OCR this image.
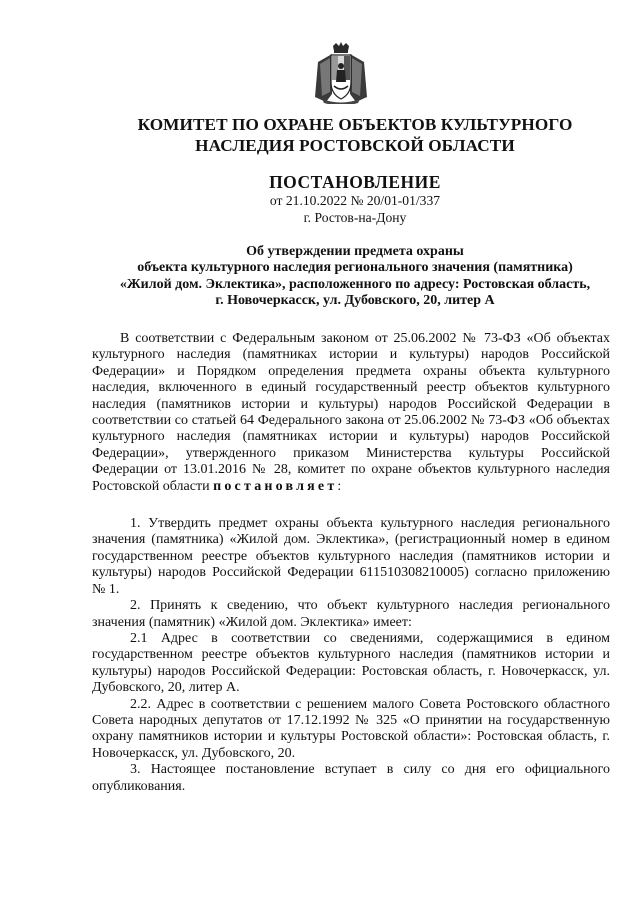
КОМИТЕТ ПО ОХРАНЕ ОБЪЕКТОВ КУЛЬТУРНОГО
НАСЛЕДИЯ РОСТОВСКОЙ ОБЛАСТИ
ПОСТАНОВЛЕНИЕ
от 21.10.2022 № 20/01-01/337
г. Ростов-на-Дону
Об утверждении предмета охраны
объекта культурного наследия регионального значения (памятника)
«Жилой дом. Эклектика», расположенного по адресу: Ростовская область,
г. Новочеркасск, ул. Дубовского, 20, литер А

В соответствии с Федеральным законом от 25.06.2002 № 73-ФЗ «Об объектах культурного наследия (памятниках истории и культуры) народов Российской Федерации» и Порядком определения предмета охраны объекта культурного наследия, включенного в единый государственный реестр объектов культурного наследия (памятников истории и культуры) народов Российской Федерации в соответствии со статьей 64 Федерального закона от 25.06.2002 № 73-ФЗ «Об объектах культурного наследия (памятниках истории и культуры) народов Российской Федерации», утвержденного приказом Министерства культуры Российской Федерации от 13.01.2016 № 28, комитет по охране объектов культурного наследия Ростовской области постановляет:

1. Утвердить предмет охраны объекта культурного наследия регионального значения (памятника) «Жилой дом. Эклектика», (регистрационный номер в едином государственном реестре объектов культурного наследия (памятников истории и культуры) народов Российской Федерации 611510308210005) согласно приложению № 1.

2. Принять к сведению, что объект культурного наследия регионального значения (памятник) «Жилой дом. Эклектика» имеет:

2.1 Адрес в соответствии со сведениями, содержащимися в едином государственном реестре объектов культурного наследия (памятников истории и культуры) народов Российской Федерации: Ростовская область, г. Новочеркасск, ул. Дубовского, 20, литер А.

2.2. Адрес в соответствии с решением малого Совета Ростовского областного Совета народных депутатов от 17.12.1992 № 325 «О принятии на государственную охрану памятников истории и культуры Ростовской области»: Ростовская область, г. Новочеркасск, ул. Дубовского, 20.

3. Настоящее постановление вступает в силу со дня его официального опубликования.
